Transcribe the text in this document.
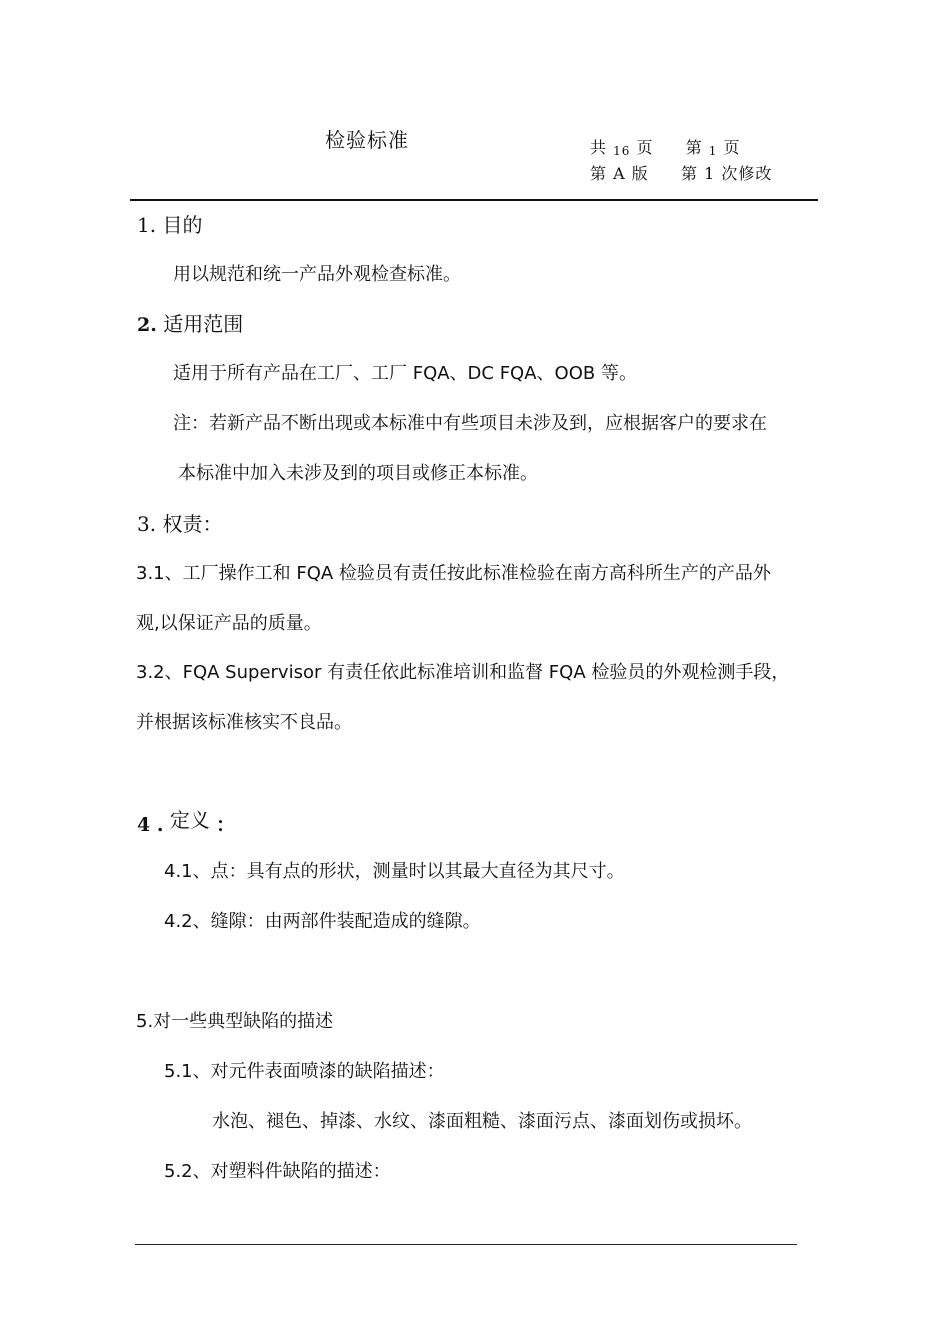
检验标准	共 16 页 第 1 页
第 A 版 第 1 次修改
1. 目的
用以规范和统一产品外观检查标准。
2. 适用范围
适用于所有产品在工厂、工厂 FQA、DC FQA、OOB 等。
注：若新产品不断出现或本标准中有些项目未涉及到，应根据客户的要求在
本标准中加入未涉及到的项目或修正本标准。
3. 权责：
3.1、工厂操作工和 FQA 检验员有责任按此标准检验在南方高科所生产的产品外
观,以保证产品的质量。
3.2、FQA Supervisor 有责任依此标准培训和监督 FQA 检验员的外观检测手段，
并根据该标准核实不良品。
4 . 定义 ：
4.1、点：具有点的形状，测量时以其最大直径为其尺寸。
4.2、缝隙：由两部件装配造成的缝隙。
5.对一些典型缺陷的描述
5.1、对元件表面喷漆的缺陷描述：
水泡、褪色、掉漆、水纹、漆面粗糙、漆面污点、漆面划伤或损坏。
5.2、对塑料件缺陷的描述：
